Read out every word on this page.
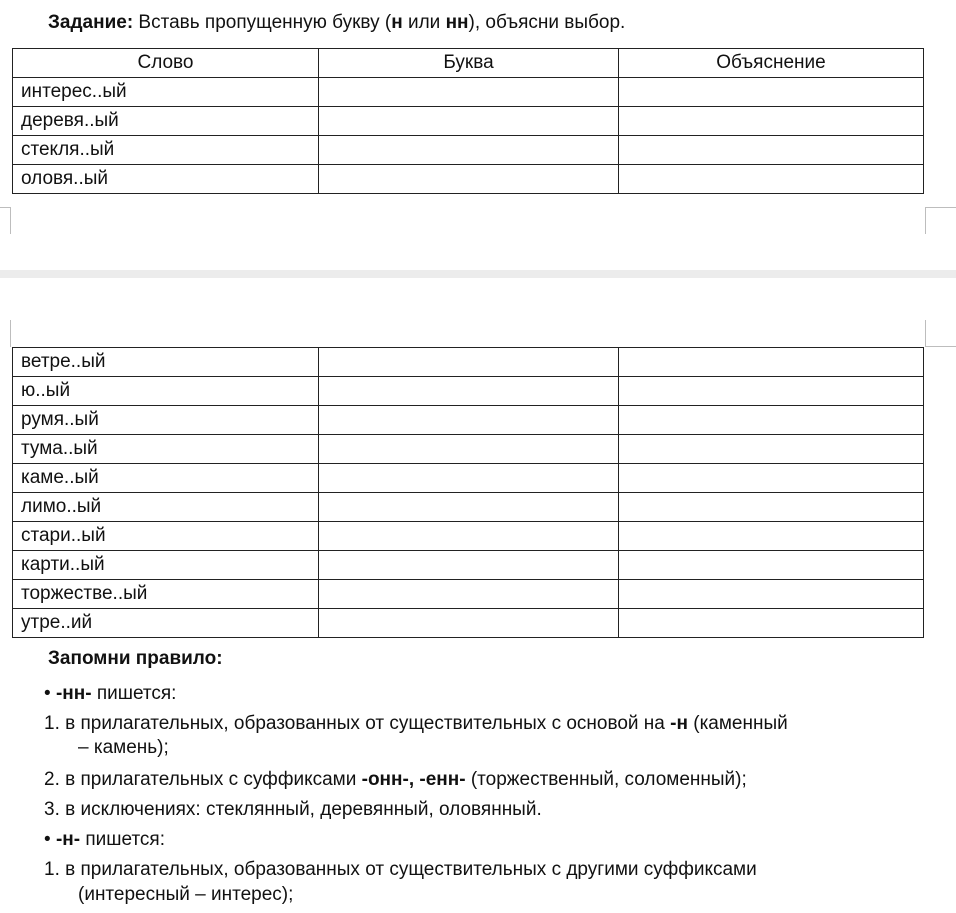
Задание: Вставь пропущенную букву (н или нн), объясни выбор.
Слово	Буква	Объяснение
интерес..ый		
деревя..ый		
стекля..ый		
оловя..ый		
ветре..ый		
ю..ый		
румя..ый		
тума..ый		
каме..ый		
лимо..ый		
стари..ый		
карти..ый		
торжестве..ый		
утре..ий		
Запомни правило:
• -нн- пишется:
1. в прилагательных, образованных от существительных с основой на -н (каменный
– камень);
2. в прилагательных с суффиксами -онн-, -енн- (торжественный, соломенный);
3. в исключениях: стеклянный, деревянный, оловянный.
• -н- пишется:
1. в прилагательных, образованных от существительных с другими суффиксами
(интересный – интерес);
